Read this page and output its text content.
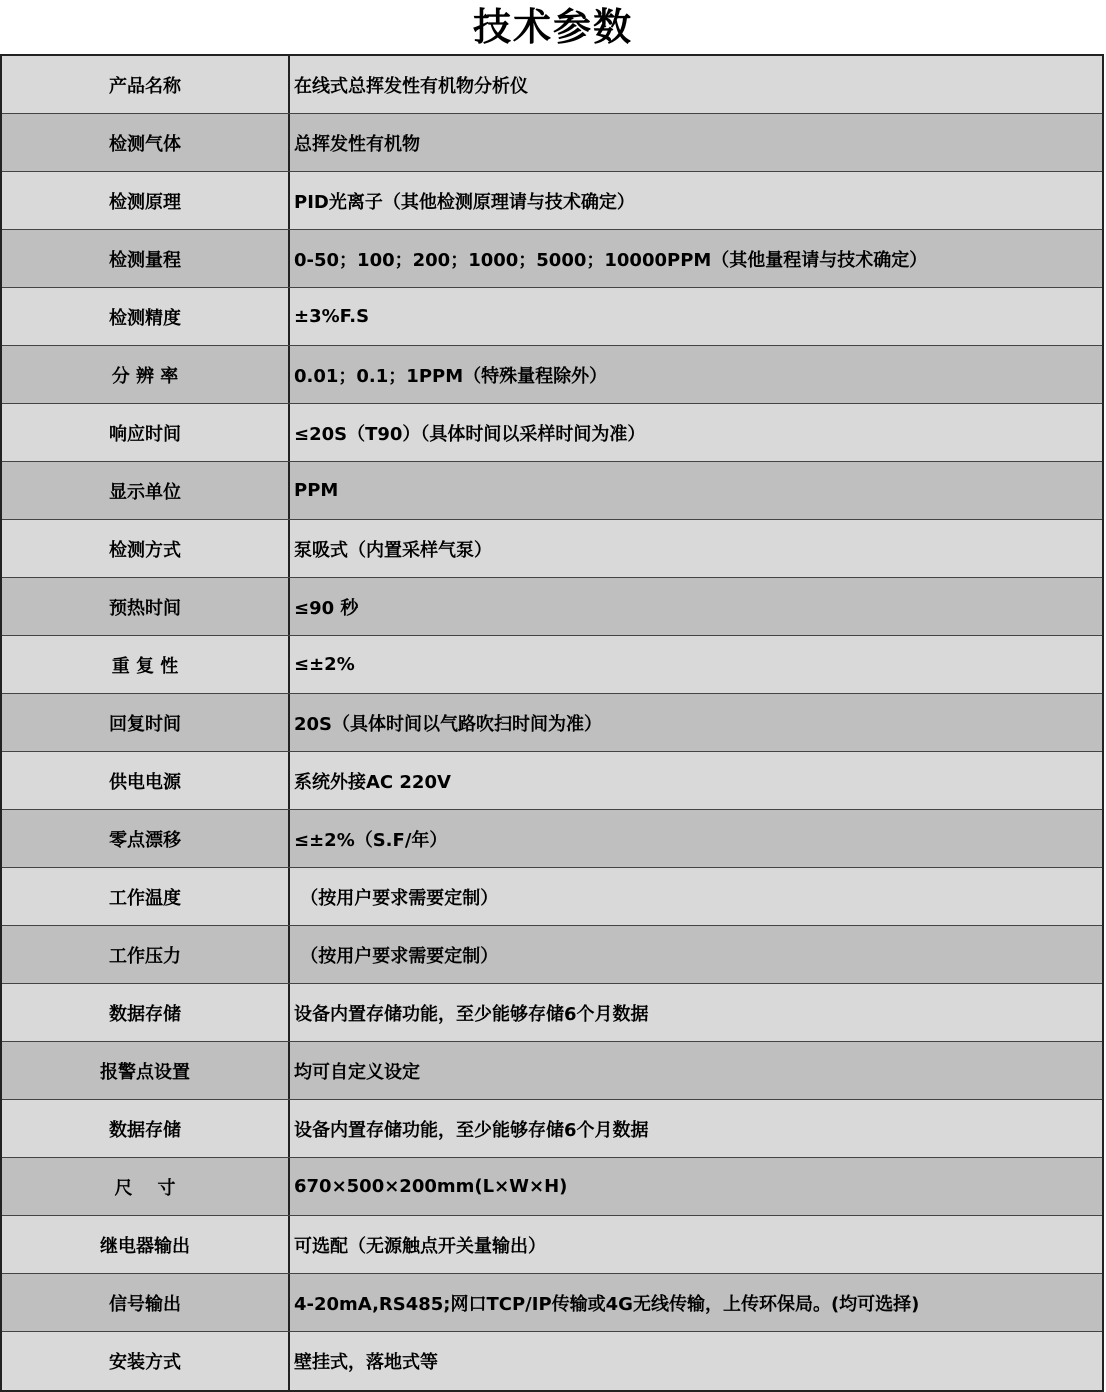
技术参数
产品名称	在线式总挥发性有机物分析仪
检测气体	总挥发性有机物
检测原理	PID光离子（其他检测原理请与技术确定）
检测量程	0-50；100；200；1000；5000；10000PPM（其他量程请与技术确定）
检测精度	±3%F.S
分 辨 率	0.01；0.1；1PPM（特殊量程除外）
响应时间	≤20S（T90）（具体时间以采样时间为准）
显示单位	PPM
检测方式	泵吸式（内置采样气泵）
预热时间	≤90 秒
重 复 性	≤±2%
回复时间	20S（具体时间以气路吹扫时间为准）
供电电源	系统外接AC 220V
零点漂移	≤±2%（S.F/年）
工作温度	（按用户要求需要定制）
工作压力	（按用户要求需要定制）
数据存储	设备内置存储功能，至少能够存储6个月数据
报警点设置	均可自定义设定
数据存储	设备内置存储功能，至少能够存储6个月数据
尺    寸	670×500×200mm(L×W×H)
继电器输出	可选配（无源触点开关量输出）
信号输出	4-20mA,RS485;网口TCP/IP传输或4G无线传输，上传环保局。(均可选择)
安装方式	壁挂式，落地式等
